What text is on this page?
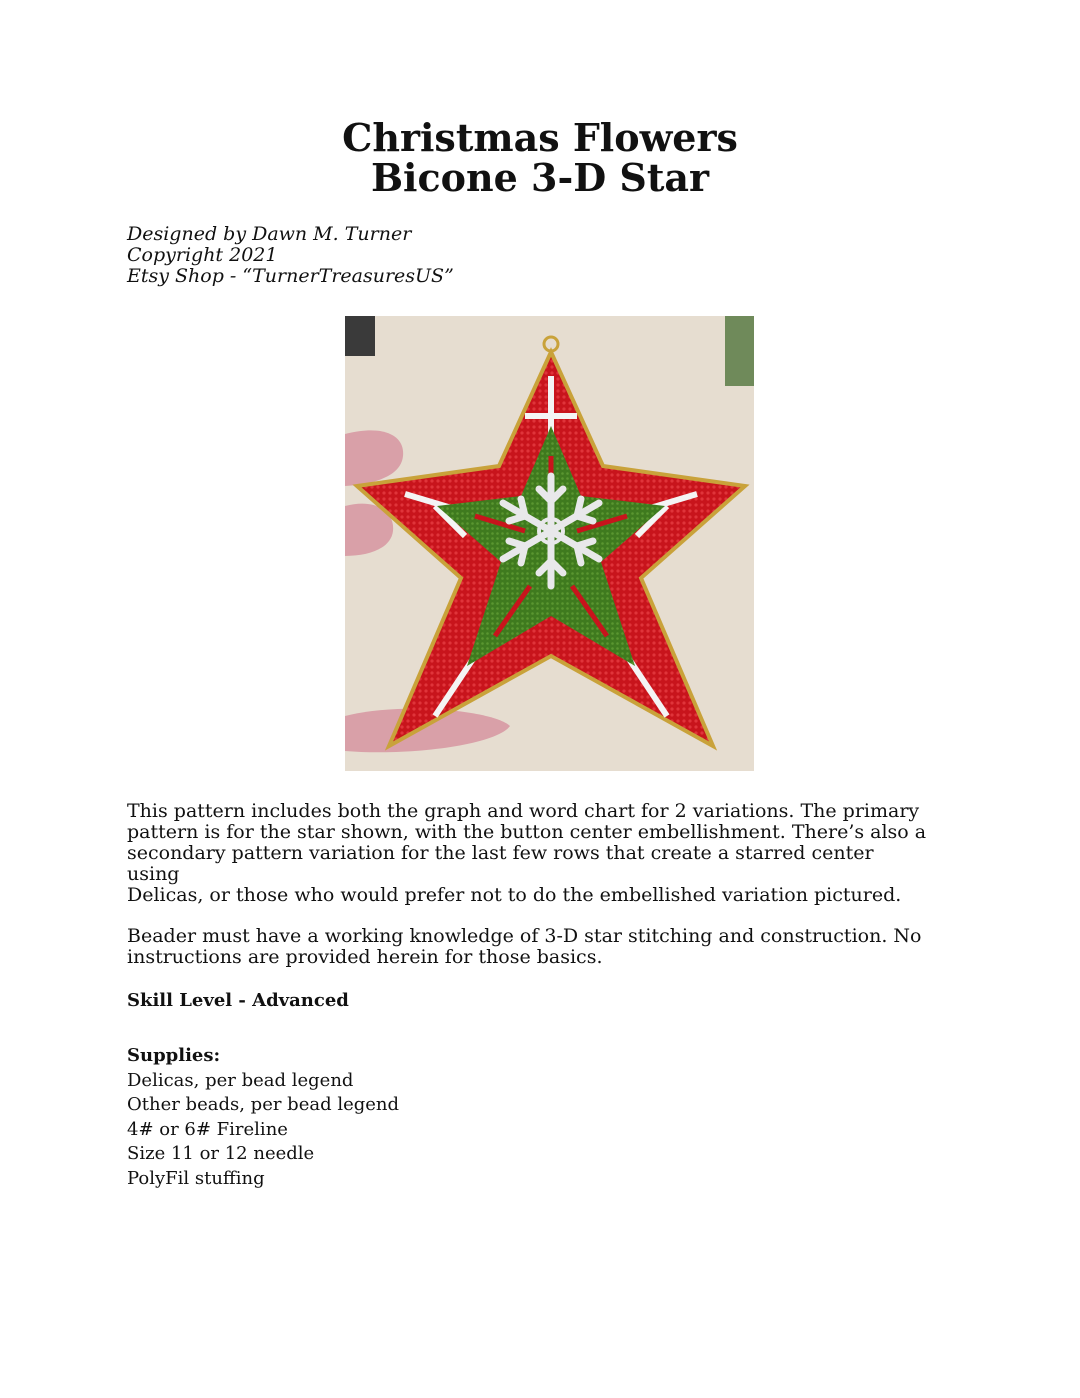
Christmas Flowers
Bicone 3-D Star
Designed by Dawn M. Turner
Copyright 2021
Etsy Shop - “TurnerTreasuresUS”

This pattern includes both the graph and word chart for 2 variations. The primary
pattern is for the star shown, with the button center embellishment. There’s also a
secondary pattern variation for the last few rows that create a starred center using
Delicas, or those who would prefer not to do the embellished variation pictured.

Beader must have a working knowledge of 3-D star stitching and construction. No
instructions are provided herein for those basics.

Skill Level - Advanced
Supplies:
Delicas, per bead legend
Other beads, per bead legend
4# or 6# Fireline
Size 11 or 12 needle
PolyFil stuffing
